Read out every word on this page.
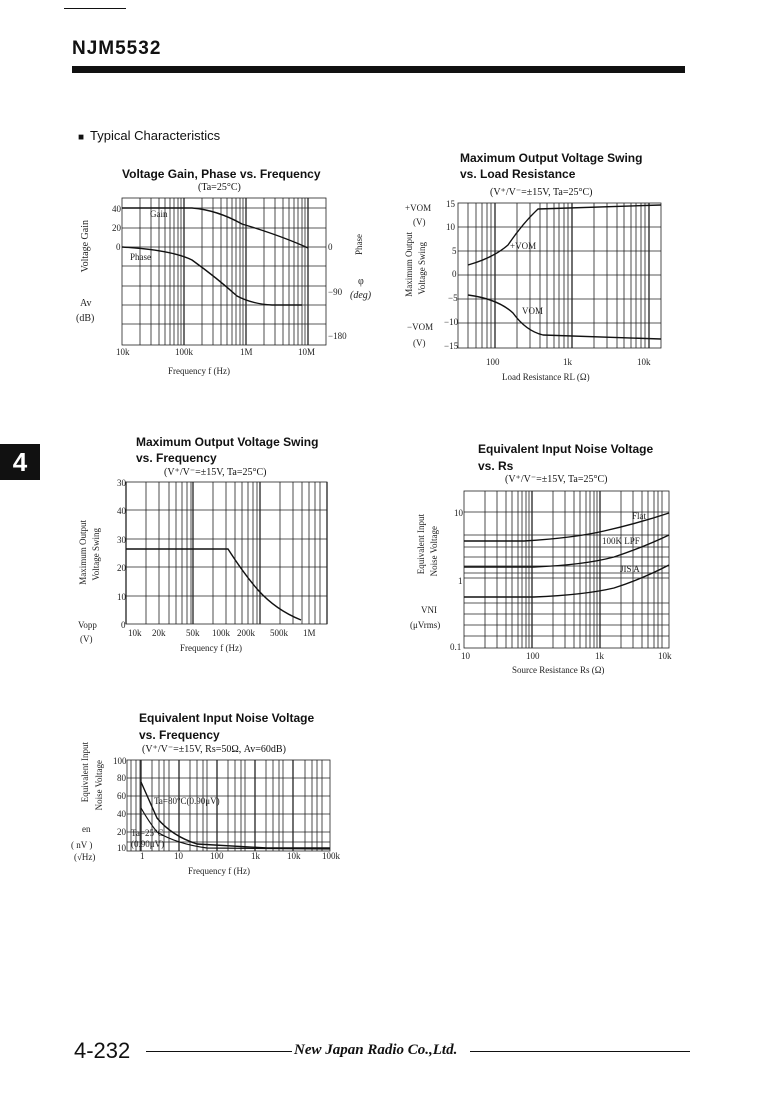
NJM5532
■ Typical Characteristics
4
Voltage Gain, Phase vs. Frequency
(Ta=25°C)
Voltage Gain
Av
(dB)
Phase
φ
(deg)
40
20
0	0
−90
−180
10k	100k	1M	10M
Frequency f (Hz)
Gain
Phase
Maximum Output Voltage Swing
vs. Load Resistance
(V⁺/V⁻=±15V, Ta=25°C)
+VOM
(V)
Maximum Output Voltage Swing
−VOM
(V)
15
10
5
0
−5
−10
−15
100	1k	10k
Load Resistance RL (Ω)
+VOM
VOM
Maximum Output Voltage Swing
vs. Frequency
(V⁺/V⁻=±15V, Ta=25°C)
Maximum Output Voltage Swing
Vopp
(V)
30
40
30
20
10
0
10k 20k 50k 100k 200k 500k 1M
Frequency f (Hz)
Equivalent Input Noise Voltage
vs. Rs
(V⁺/V⁻=±15V, Ta=25°C)
Equivalent Input Noise Voltage
VNI
(μVrms)
10
1
0.1
10	100	1k	10k
Source Resistance Rs (Ω)
Flat
100K LPF
JIS A
Equivalent Input Noise Voltage
vs. Frequency
(V⁺/V⁻=±15V, Rs=50Ω, Av=60dB)
Equivalent Input Noise Voltage
en
( nV )
(√Hz)
100
80
60
40
20
10
1	10	100	1k	10k 100k
Frequency f (Hz)
Ta=80°C(0.90μV)
Ta=25°C
(0.90μV)
4-232	New Japan Radio Co.,Ltd.
